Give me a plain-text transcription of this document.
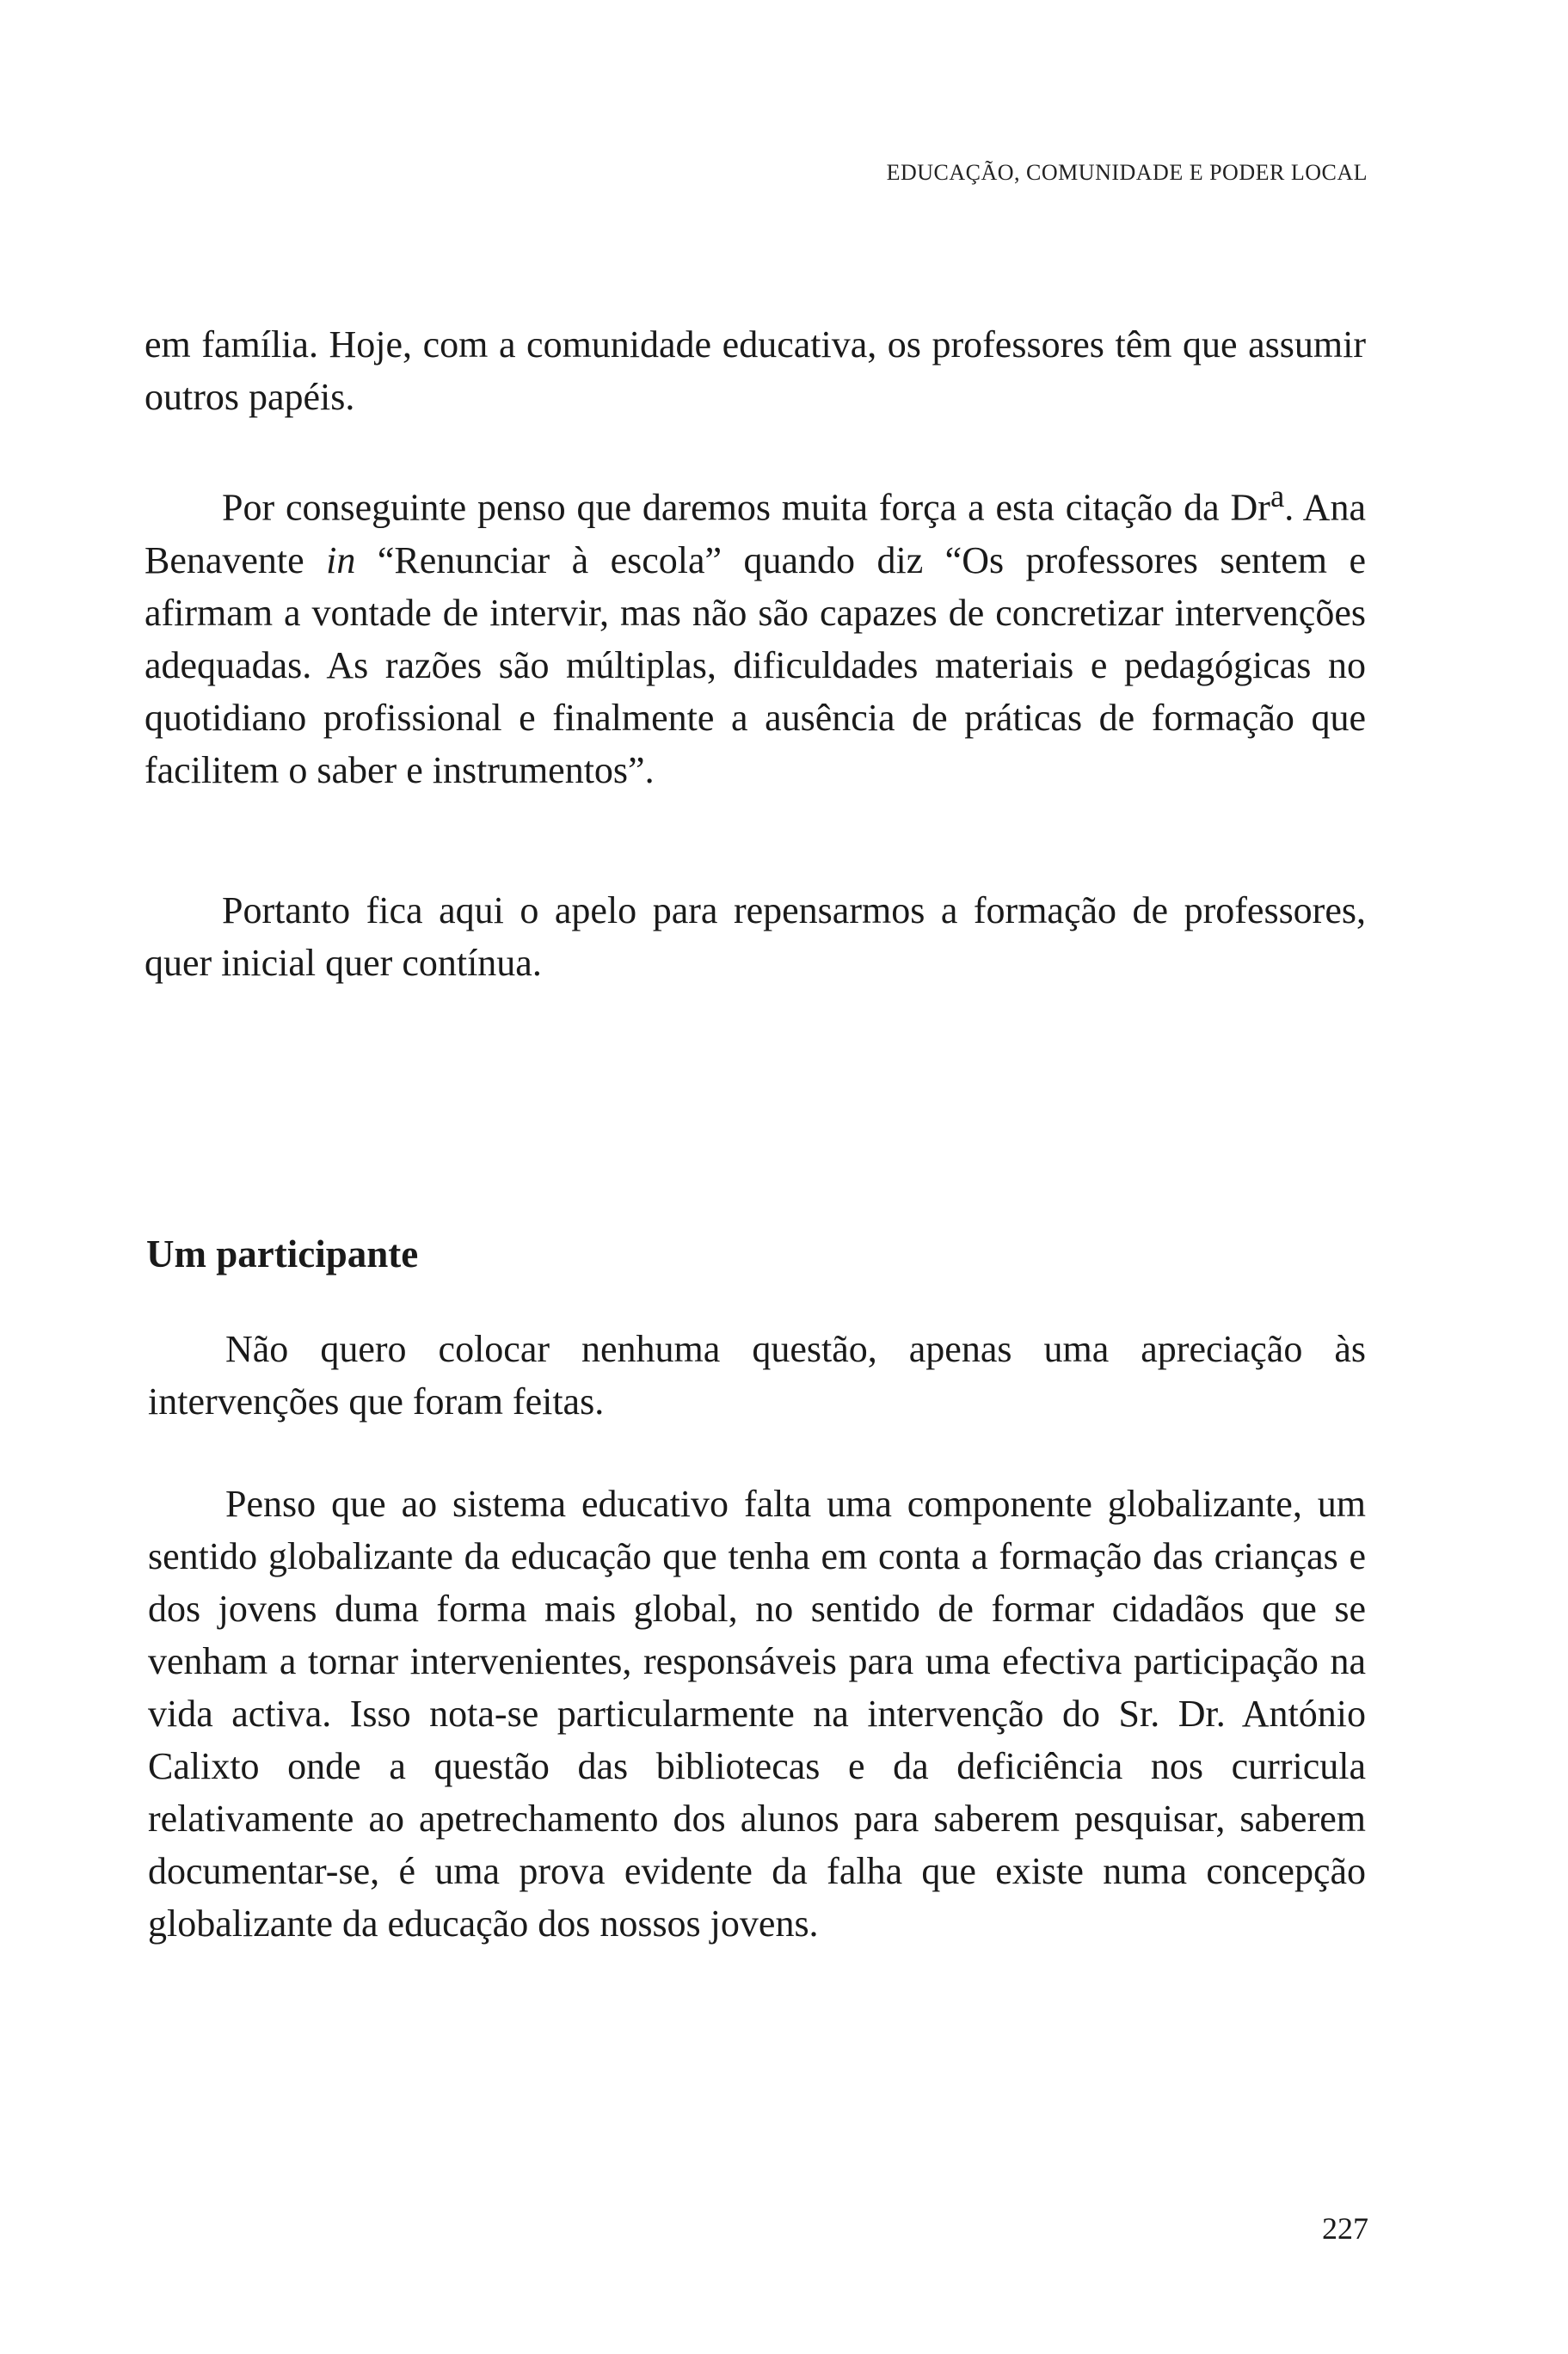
EDUCAÇÃO, COMUNIDADE E PODER LOCAL

em família. Hoje, com a comunidade educativa, os professores têm que assumir outros papéis.

Por conseguinte penso que daremos muita força a esta citação da Dr$^a$. Ana Benavente in “Renunciar à escola” quando diz “Os professores sentem e afirmam a vontade de intervir, mas não são capazes de concretizar intervenções adequadas. As razões são múltiplas, dificuldades materiais e pedagógicas no quotidiano profissional e finalmente a ausência de práticas de formação que facilitem o saber e instrumentos”.

Portanto fica aqui o apelo para repensarmos a formação de professores, quer inicial quer contínua.

Um participante

Não quero colocar nenhuma questão, apenas uma apreciação às intervenções que foram feitas.

Penso que ao sistema educativo falta uma componente globalizante, um sentido globalizante da educação que tenha em conta a formação das crianças e dos jovens duma forma mais global, no sentido de formar cidadãos que se venham a tornar intervenientes, responsáveis para uma efectiva participação na vida activa. Isso nota-se particularmente na intervenção do Sr. Dr. António Calixto onde a questão das bibliotecas e da deficiência nos curricula relativamente ao apetrechamento dos alunos para saberem pesquisar, saberem documentar-se, é uma prova evidente da falha que existe numa concepção globalizante da educação dos nossos jovens.

227
